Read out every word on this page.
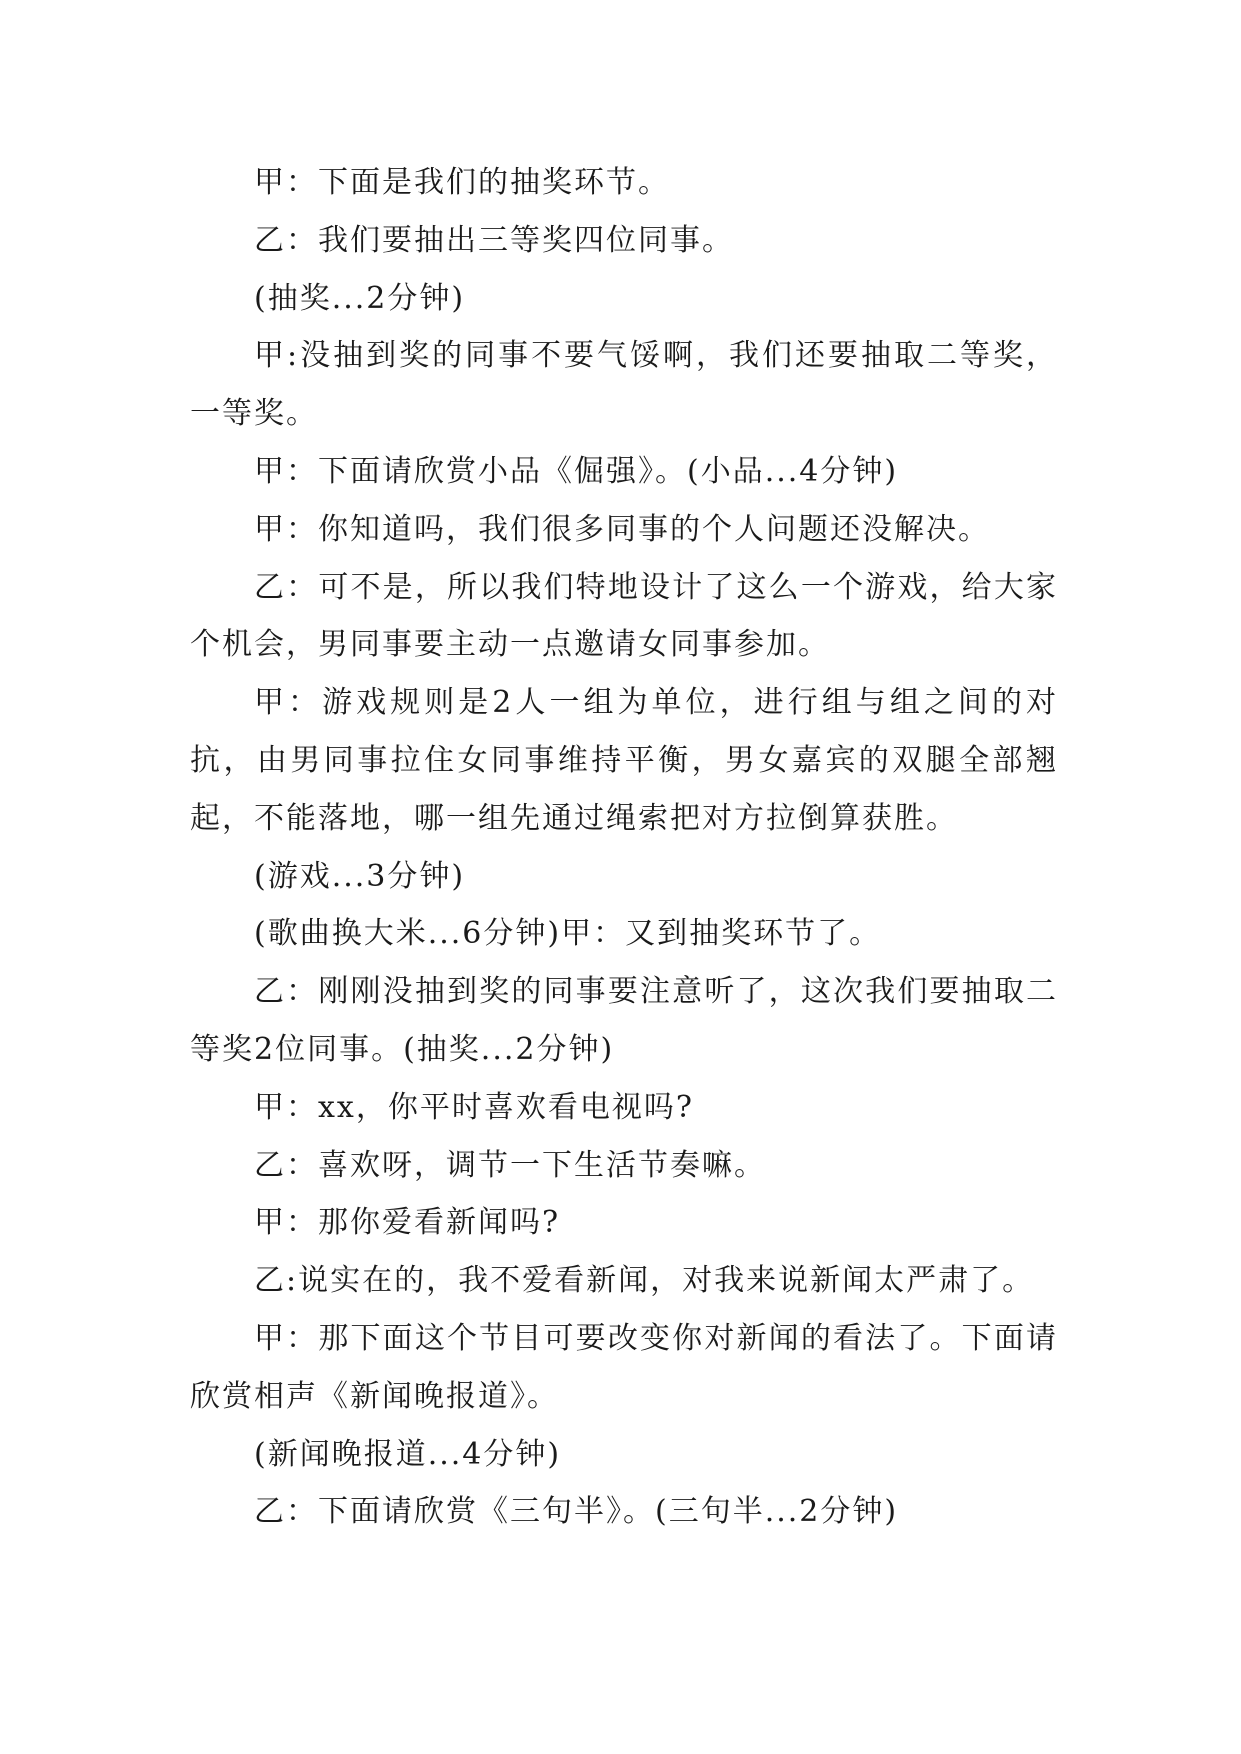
甲：下面是我们的抽奖环节。

乙：我们要抽出三等奖四位同事。

(抽奖...2分钟)

甲:没抽到奖的同事不要气馁啊，我们还要抽取二等奖，一等奖。

甲：下面请欣赏小品《倔强》。(小品...4分钟)

甲：你知道吗，我们很多同事的个人问题还没解决。

乙：可不是，所以我们特地设计了这么一个游戏，给大家个机会，男同事要主动一点邀请女同事参加。

甲：游戏规则是2人一组为单位，进行组与组之间的对抗，由男同事拉住女同事维持平衡，男女嘉宾的双腿全部翘起，不能落地，哪一组先通过绳索把对方拉倒算获胜。

(游戏...3分钟)

(歌曲换大米...6分钟)甲：又到抽奖环节了。

乙：刚刚没抽到奖的同事要注意听了，这次我们要抽取二等奖2位同事。(抽奖...2分钟)

甲：xx，你平时喜欢看电视吗?

乙：喜欢呀，调节一下生活节奏嘛。

甲：那你爱看新闻吗?

乙:说实在的，我不爱看新闻，对我来说新闻太严肃了。

甲：那下面这个节目可要改变你对新闻的看法了。下面请欣赏相声《新闻晚报道》。

(新闻晚报道...4分钟)

乙：下面请欣赏《三句半》。(三句半...2分钟)
